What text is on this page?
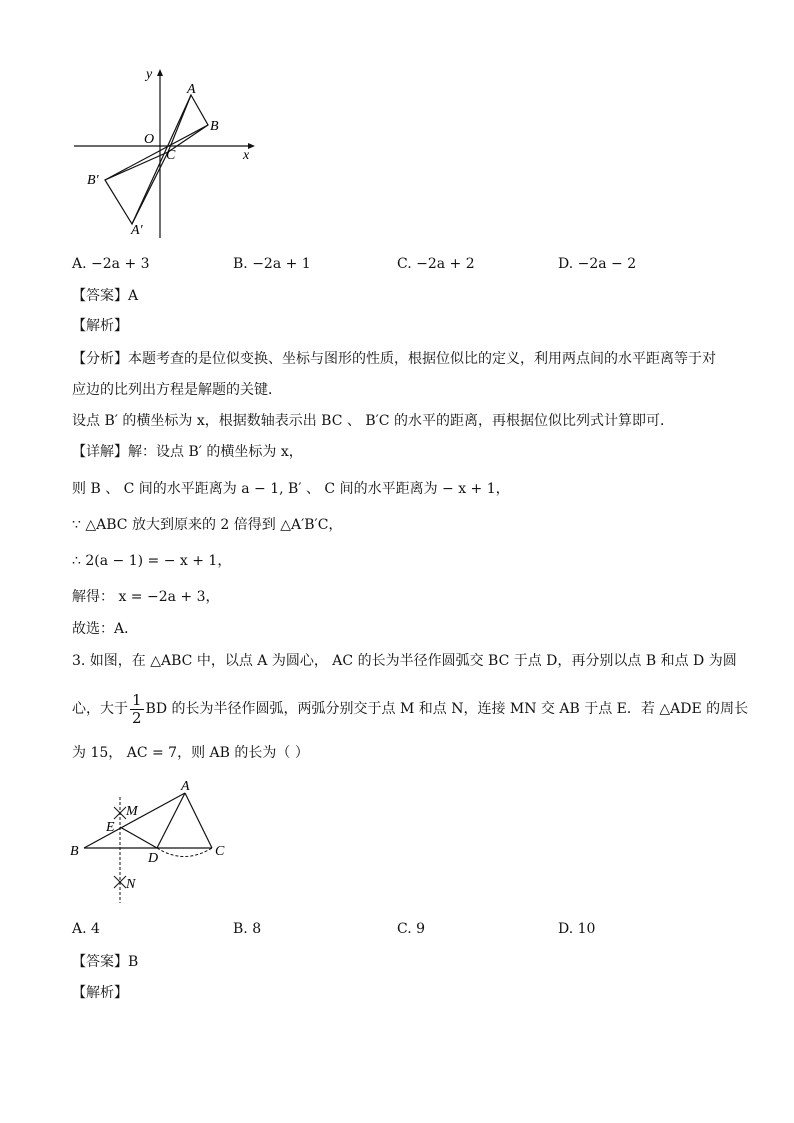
y
x
O
A
B
C
B′
A′
A. −2a + 3	B. −2a + 1	C. −2a + 2	D. −2a − 2
【答案】A
【解析】
【分析】本题考查的是位似变换、坐标与图形的性质，根据位似比的定义，利用两点间的水平距离等于对
应边的比列出方程是解题的关键．
设点 B′ 的横坐标为 x，根据数轴表示出 BC 、 B′C 的水平的距离，再根据位似比列式计算即可．
【详解】解：设点 B′ 的横坐标为 x，
则 B 、 C 间的水平距离为 a − 1, B′ 、 C 间的水平距离为 − x + 1，
∵ △ABC 放大到原来的 2 倍得到 △A′B′C，
∴ 2(a − 1) = − x + 1，
解得： x = −2a + 3，
故选：A．
3. 如图，在 △ABC 中，以点 A 为圆心， AC 的长为半径作圆弧交 BC 于点 D，再分别以点 B 和点 D 为圆
心，大于 $\frac{1}{2}$ BD 的长为半径作圆弧，两弧分别交于点 M 和点 N，连接 MN 交 AB 于点 E．若 △ADE 的周长
为 15， AC = 7，则 AB 的长为（ ）
A
M
E
B	D	C
N
A. 4	B. 8	C. 9	D. 10
【答案】B
【解析】
